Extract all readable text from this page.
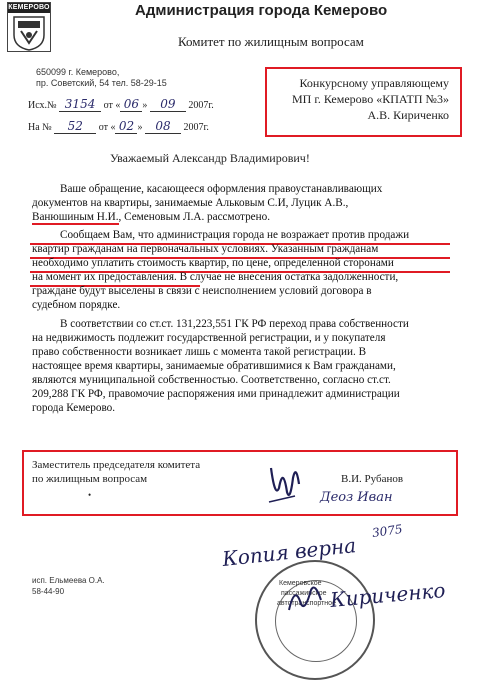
КЕМЕРОВО	Администрация города Кемерово
Комитет по жилищным вопросам
650099 г. Кемерово,
пр. Советский, 54 тел. 58-29-15
Исх.№ 3154 от « 06 » 09 2007г.
На № 52 от « 02 » 08 2007г.
Конкурсному управляющему
МП г. Кемерово «КПАТП №3»
А.В. Кириченко
Уважаемый Александр Владимирович!
Ваше обращение, касающееся оформления правоустанавливающих
документов на квартиры, занимаемые Альковым С.И, Луцик А.В.,
Ванюшиным Н.И., Семеновым Л.А. рассмотрено.
Сообщаем Вам, что администрация города не возражает против продажи
квартир гражданам на первоначальных условиях. Указанным гражданам
необходимо уплатить стоимость квартир, по цене, определенной сторонами
на момент их предоставления. В случае не внесения остатка задолженности,
граждане будут выселены в связи с неисполнением условий договора в
судебном порядке.
В соответствии со ст.ст. 131,223,551 ГК РФ переход права собственности
на недвижимость подлежит государственной регистрации, и у покупателя
право собственности возникает лишь с момента такой регистрации. В
настоящее время квартиры, занимаемые обратившимися к Вам гражданами,
являются муниципальной собственностью. Соответственно, согласно ст.ст.
209,288 ГК РФ, правомочие распоряжения ими принадлежит администрации
города Кемерово.
Заместитель председателя комитета
по жилищным вопросам
•
В.И. Рубанов
Деоз Иван
3075
Копия верна
исп. Ельмеева О.А.
58-44-90
Кемеровское
пассажирское
автотранспортное
Кириченко
